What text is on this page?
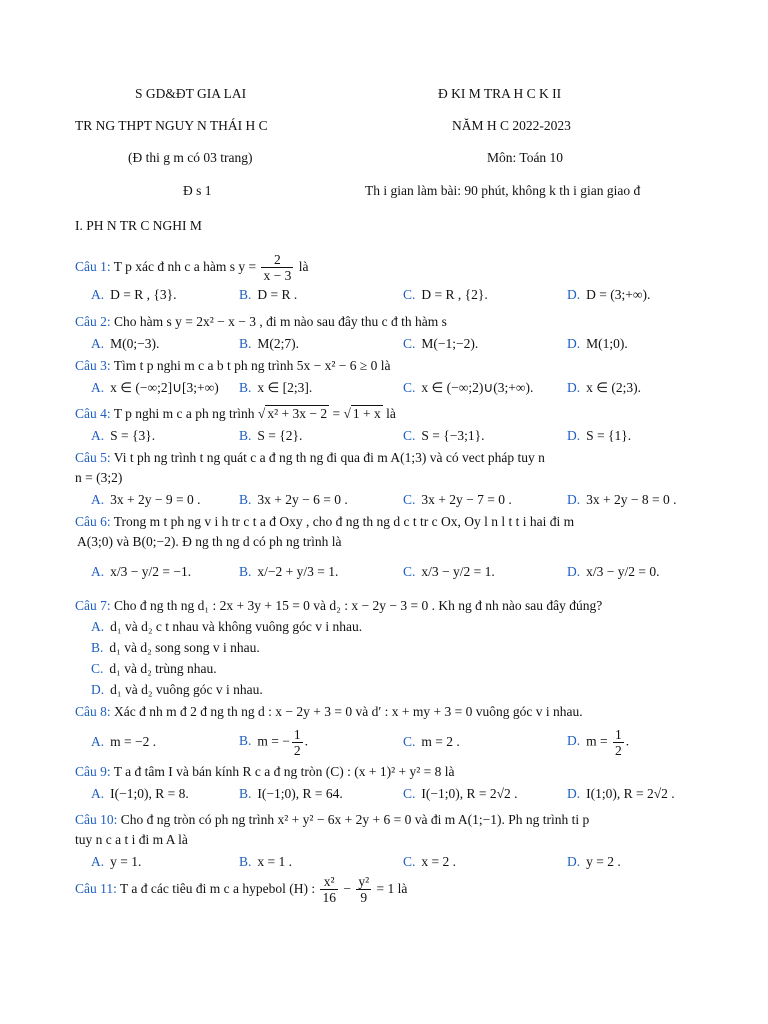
S GD&ĐT GIA LAI	Đ KI M TRA H C K II
TR NG THPT NGUY N THÁI H C	NĂM H C 2022-2023
(Đ thi g m có 03 trang)	Môn: Toán 10
Đ s 1	Th i gian làm bài: 90 phút, không k th i gian giao đ
I. PH N TR C NGHI M
Câu 1: T p xác đ nh c a hàm s $y = \frac{2}{x - 3}$ là
A. D = R , {3}.	B. D = R .	C. D = R , {2}.	D. D = (3;+∞).
Câu 2: Cho hàm s y = 2x² − x − 3 , đi m nào sau đây thu c đ th hàm s
A. M(0;−3).	B. M(2;7).	C. M(−1;−2).	D. M(1;0).
Câu 3: Tìm t p nghi m c a b t ph ng trình 5x − x² − 6 ≥ 0 là
A. x ∈ (−∞;2]∪[3;+∞)	B. x ∈ [2;3].	C. x ∈ (−∞;2)∪(3;+∞).	D. x ∈ (2;3).
Câu 4: T p nghi m c a ph ng trình √ x² + 3x − 2 = √ 1 + x là
A. S = {3}.	B. S = {2}.	C. S = {−3;1}.	D. S = {1}.
Câu 5: Vi t ph ng trình t ng quát c a đ ng th ng đi qua đi m A(1;3) và có vect pháp tuy n
n = (3;2)
A. 3x + 2y − 9 = 0 .	B. 3x + 2y − 6 = 0 .	C. 3x + 2y − 7 = 0 .	D. 3x + 2y − 8 = 0 .
Câu 6: Trong m t ph ng v i h tr c t a đ Oxy , cho đ ng th ng d c t tr c Ox, Oy l n l t t i hai đi m
A(3;0) và B(0;−2). Đ ng th ng d có ph ng trình là
A. x/3 − y/2 = −1.	B. x/−2 + y/3 = 1.	C. x/3 − y/2 = 1.	D. x/3 − y/2 = 0.
Câu 7: Cho đ ng th ng d₁ : 2x + 3y + 15 = 0 và d₂ : x − 2y − 3 = 0 . Kh ng đ nh nào sau đây đúng?
A. d₁ và d₂ c t nhau và không vuông góc v i nhau.
B. d₁ và d₂ song song v i nhau.
C. d₁ và d₂ trùng nhau.
D. d₁ và d₂ vuông góc v i nhau.
Câu 8: Xác đ nh m đ 2 đ ng th ng d : x − 2y + 3 = 0 và d′ : x + my + 3 = 0 vuông góc v i nhau.
A. m = −2 .	B. m = − $\frac{1}{2}$ .	C. m = 2 .	D. $m = \frac{1}{2}$ .
Câu 9: T a đ tâm I và bán kính R c a đ ng tròn (C) : (x + 1)² + y² = 8 là
A. I(−1;0), R = 8.	B. I(−1;0), R = 64.	C. I(−1;0), R = 2√2 .	D. I(1;0), R = 2√2 .
Câu 10: Cho đ ng tròn có ph ng trình x² + y² − 6x + 2y + 6 = 0 và đi m A(1;−1). Ph ng trình ti p
tuy n c a t i đi m A là
A. y = 1.	B. x = 1 .	C. x = 2 .	D. y = 2 .
Câu 11: T a đ các tiêu đi m c a hypebol (H) : $\frac{\text{x²}}{16} - \frac{\text{y²}}{9} = 1$ là
